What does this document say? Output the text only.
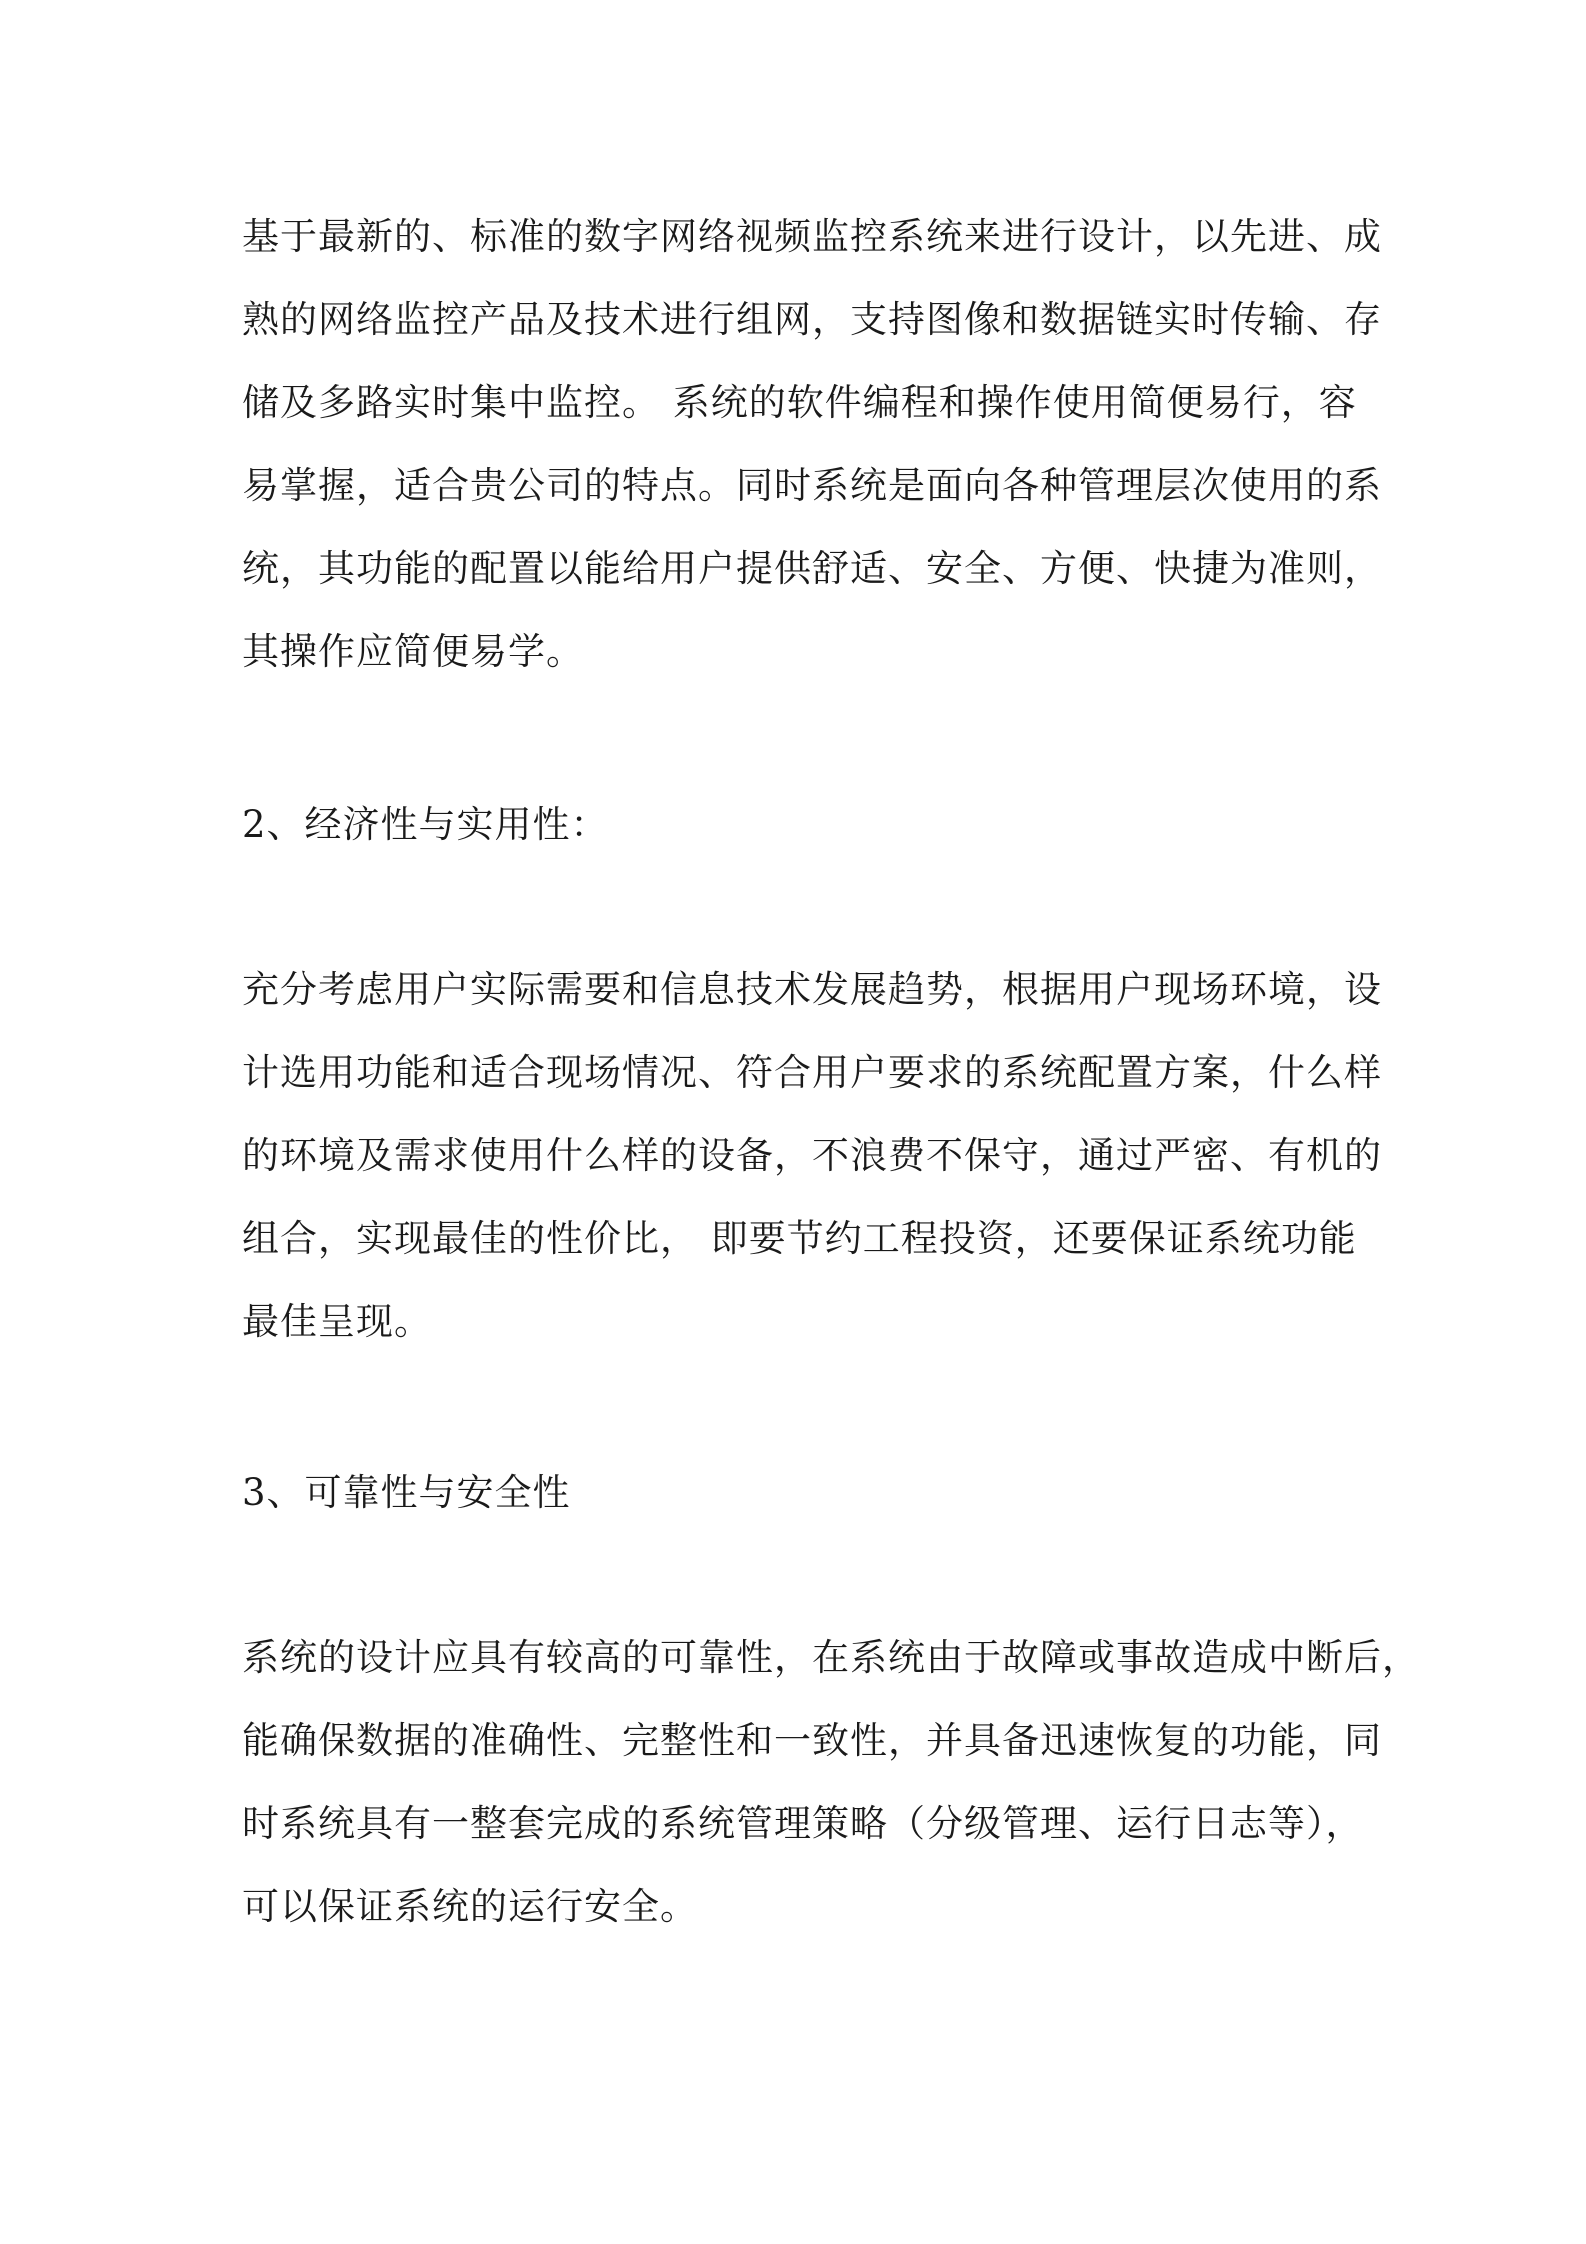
基于最新的、标准的数字网络视频监控系统来进行设计，以先进、成
熟的网络监控产品及技术进行组网，支持图像和数据链实时传输、存
储及多路实时集中监控。 系统的软件编程和操作使用简便易行，容
易掌握，适合贵公司的特点。同时系统是面向各种管理层次使用的系
统，其功能的配置以能给用户提供舒适、安全、方便、快捷为准则，
其操作应简便易学。

2、经济性与实用性：

充分考虑用户实际需要和信息技术发展趋势，根据用户现场环境，设
计选用功能和适合现场情况、符合用户要求的系统配置方案，什么样
的环境及需求使用什么样的设备，不浪费不保守，通过严密、有机的
组合，实现最佳的性价比， 即要节约工程投资，还要保证系统功能
最佳呈现。

3、可靠性与安全性

系统的设计应具有较高的可靠性，在系统由于故障或事故造成中断后，
能确保数据的准确性、完整性和一致性，并具备迅速恢复的功能，同
时系统具有一整套完成的系统管理策略（分级管理、运行日志等），
可以保证系统的运行安全。
